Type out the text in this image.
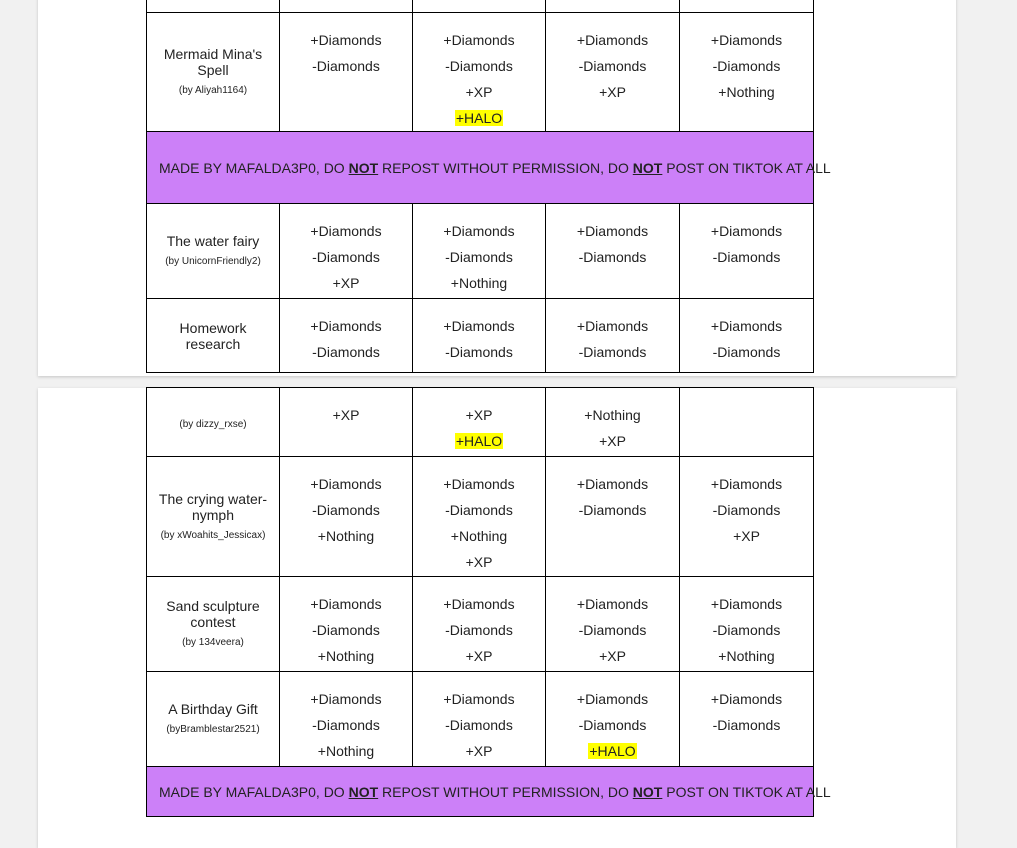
Mermaid Mina's Spell
(by Aliyah1164)	+Diamonds
-Diamonds	+Diamonds
-Diamonds
+XP
+HALO	+Diamonds
-Diamonds
+XP	+Diamonds
-Diamonds
+Nothing

MADE BY MAFALDA3P0, DO NOT REPOST WITHOUT PERMISSION, DO NOT POST ON TIKTOK AT ALL				
The water fairy
(by UnicornFriendly2)	+Diamonds
-Diamonds
+XP	+Diamonds
-Diamonds
+Nothing	+Diamonds
-Diamonds	+Diamonds
-Diamonds

Homework research	+Diamonds
-Diamonds	+Diamonds
-Diamonds	+Diamonds
-Diamonds	+Diamonds
-Diamonds
(by dizzy_rxse)	+XP	+XP
+HALO	+Nothing
+XP	

The crying water-nymph
(by xWoahits_Jessicax)	+Diamonds
-Diamonds
+Nothing	+Diamonds
-Diamonds
+Nothing
+XP	+Diamonds
-Diamonds	+Diamonds
-Diamonds
+XP

Sand sculpture contest
(by 134veera)	+Diamonds
-Diamonds
+Nothing	+Diamonds
-Diamonds
+XP	+Diamonds
-Diamonds
+XP	+Diamonds
-Diamonds
+Nothing

A Birthday Gift
(byBramblestar2521)	+Diamonds
-Diamonds
+Nothing	+Diamonds
-Diamonds
+XP	+Diamonds
-Diamonds
+HALO	+Diamonds
-Diamonds

MADE BY MAFALDA3P0, DO NOT REPOST WITHOUT PERMISSION, DO NOT POST ON TIKTOK AT ALL				
